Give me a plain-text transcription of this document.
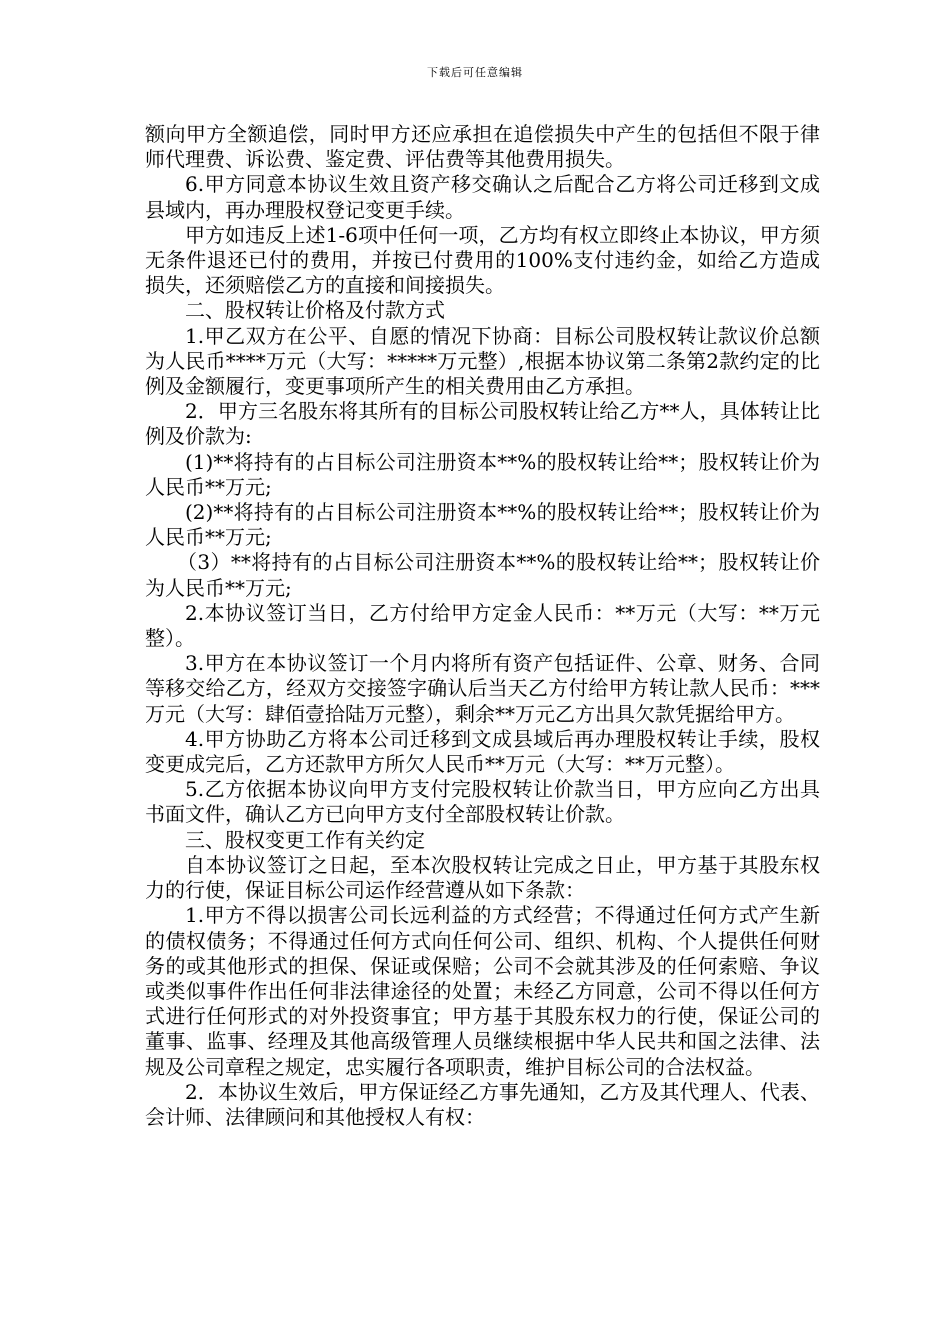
下载后可任意编辑

额向甲方全额追偿，同时甲方还应承担在追偿损失中产生的包括但不限于律师代理费、诉讼费、鉴定费、评估费等其他费用损失。

6.甲方同意本协议生效且资产移交确认之后配合乙方将公司迁移到文成县域内，再办理股权登记变更手续。

甲方如违反上述1-6项中任何一项，乙方均有权立即终止本协议，甲方须无条件退还已付的费用，并按已付费用的100%支付违约金，如给乙方造成损失，还须赔偿乙方的直接和间接损失。

二、股权转让价格及付款方式

1.甲乙双方在公平、自愿的情况下协商：目标公司股权转让款议价总额为人民币****万元（大写：*****万元整）,根据本协议第二条第2款约定的比例及金额履行，变更事项所产生的相关费用由乙方承担。

2．甲方三名股东将其所有的目标公司股权转让给乙方**人，具体转让比例及价款为:

(1)**将持有的占目标公司注册资本**%的股权转让给**；股权转让价为人民币**万元;

(2)**将持有的占目标公司注册资本**%的股权转让给**；股权转让价为人民币**万元;

（3）**将持有的占目标公司注册资本**%的股权转让给**；股权转让价为人民币**万元;

2.本协议签订当日，乙方付给甲方定金人民币：**万元（大写：**万元整）。

3.甲方在本协议签订一个月内将所有资产包括证件、公章、财务、合同等移交给乙方，经双方交接签字确认后当天乙方付给甲方转让款人民币：***万元（大写：肆佰壹拾陆万元整），剩余**万元乙方出具欠款凭据给甲方。

4.甲方协助乙方将本公司迁移到文成县域后再办理股权转让手续，股权变更成完后，乙方还款甲方所欠人民币**万元（大写：**万元整）。

5.乙方依据本协议向甲方支付完股权转让价款当日，甲方应向乙方出具书面文件，确认乙方已向甲方支付全部股权转让价款。

三、股权变更工作有关约定

自本协议签订之日起，至本次股权转让完成之日止，甲方基于其股东权力的行使，保证目标公司运作经营遵从如下条款：

1.甲方不得以损害公司长远利益的方式经营；不得通过任何方式产生新的债权债务；不得通过任何方式向任何公司、组织、机构、个人提供任何财务的或其他形式的担保、保证或保赔；公司不会就其涉及的任何索赔、争议或类似事件作出任何非法律途径的处置；未经乙方同意，公司不得以任何方式进行任何形式的对外投资事宜；甲方基于其股东权力的行使，保证公司的董事、监事、经理及其他高级管理人员继续根据中华人民共和国之法律、法规及公司章程之规定，忠实履行各项职责，维护目标公司的合法权益。

2．本协议生效后，甲方保证经乙方事先通知，乙方及其代理人、代表、会计师、法律顾问和其他授权人有权：
